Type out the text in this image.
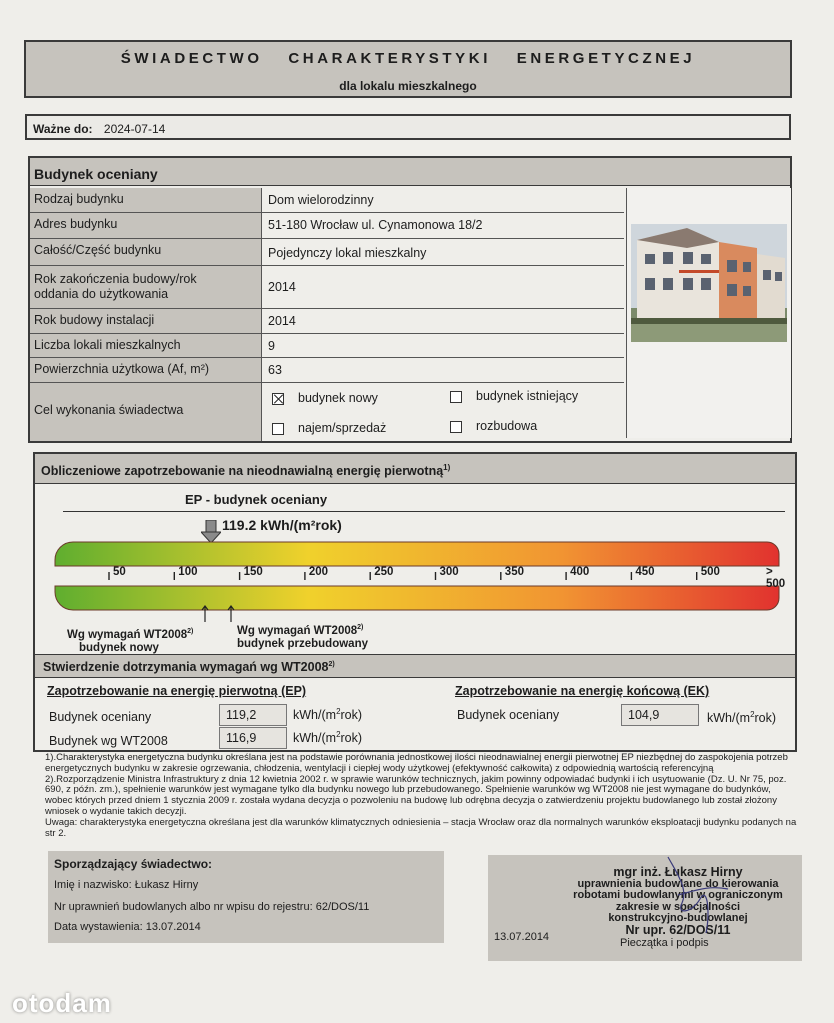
ŚWIADECTWO CHARAKTERYSTYKI ENERGETYCZNEJ
dla lokalu mieszkalnego
Ważne do: 2024-07-14
Budynek oceniany
Rodzaj budynku	Dom wielorodzinny
Adres budynku	51-180 Wrocław ul. Cynamonowa 18/2
Całość/Część budynku	Pojedynczy lokal mieszkalny
Rok zakończenia budowy/rok
oddania do użytkowania	2014
Rok budowy instalacji	2014
Liczba lokali mieszkalnych	9
Powierzchnia użytkowa (Af, m²)	63
Cel wykonania świadectwa
budynek nowy	budynek istniejący
najem/sprzedaż	rozbudowa
Obliczeniowe zapotrzebowanie na nieodnawialną energię pierwotną$^{1)}$
EP - budynek oceniany
119.2 kWh/(m²rok)
Wg wymagań WT2008$^{2)}$
budynek nowy
Wg wymagań WT2008$^{2)}$
budynek przebudowany
Stwierdzenie dotrzymania wymagań wg WT2008$^{2)}$
Zapotrzebowanie na energię pierwotną (EP)
Budynek oceniany	119,2	kWh/$(m^2rok)$
Budynek wg WT2008	116,9	kWh/$(m^2rok)$
Zapotrzebowanie na energię końcową (EK)
Budynek oceniany	104,9	kWh/$(m^2rok)$
50	100	150	200	250	300	350	400	450	500	> 500

1).Charakterystyka energetyczna budynku określana jest na podstawie porównania jednostkowej ilości nieodnawialnej energii pierwotnej EP niezbędnej do zaspokojenia potrzeb energetycznych budynku w zakresie ogrzewania, chłodzenia, wentylacji i ciepłej wody użytkowej (efektywność całkowita) z odpowiednią wartością referencyjną

2).Rozporządzenie Ministra Infrastruktury z dnia 12 kwietnia 2002 r. w sprawie warunków technicznych, jakim powinny odpowiadać budynki i ich usytuowanie (Dz. U. Nr 75, poz. 690, z późn. zm.), spełnienie warunków jest wymagane tylko dla budynku nowego lub przebudowanego. Spełnienie warunków wg WT2008 nie jest wymagane do budynków, wobec których przed dniem 1 stycznia 2009 r. została wydana decyzja o pozwoleniu na budowę lub odrębna decyzja o zatwierdzeniu projektu budowlanego lub został złożony wniosek o wydanie takich decyzji.

Uwaga: charakterystyka energetyczna określana jest dla warunków klimatycznych odniesienia – stacja Wrocław oraz dla normalnych warunków eksploatacji budynku podanych na str 2.

Sporządzający świadectwo:
Imię i nazwisko: Łukasz Hirny
Nr uprawnień budowlanych albo nr wpisu do rejestru: 62/DOS/11
Data wystawienia: 13.07.2014
mgr inż. Łukasz Hirny
uprawnienia budowlane do kierowania
robotami budowlanymi w ograniczonym
zakresie w specjalności
konstrukcyjno-budowlanej
Nr upr. 62/DOS/11
13.07.2014	Pieczątka i podpis
otodam
